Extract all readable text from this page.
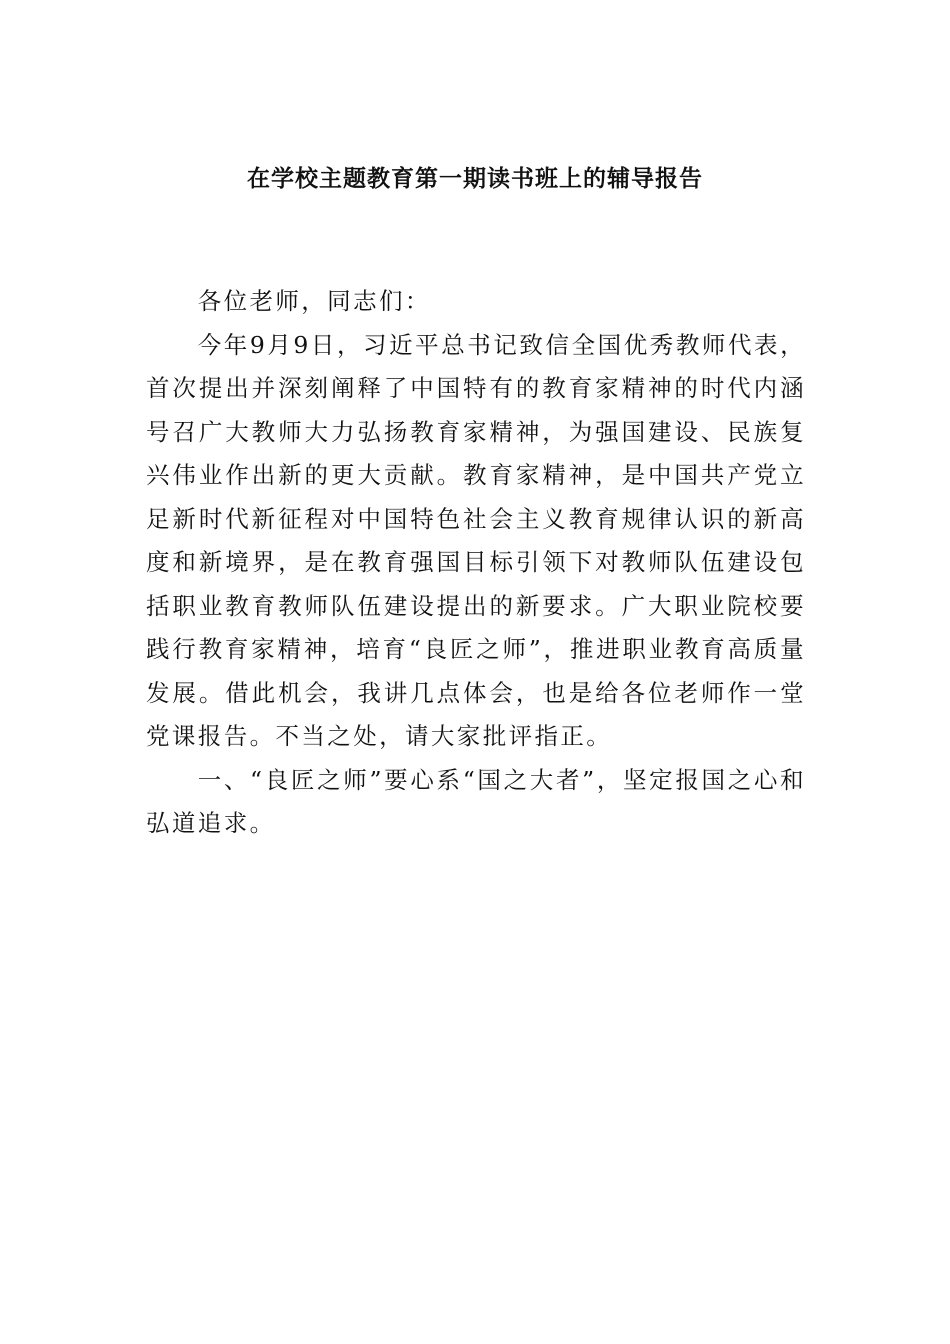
在学校主题教育第一期读书班上的辅导报告

各位老师，同志们：

今年9月9日，习近平总书记致信全国优秀教师代表，首次提出并深刻阐释了中国特有的教育家精神的时代内涵号召广大教师大力弘扬教育家精神，为强国建设、民族复兴伟业作出新的更大贡献。教育家精神，是中国共产党立足新时代新征程对中国特色社会主义教育规律认识的新高度和新境界，是在教育强国目标引领下对教师队伍建设包括职业教育教师队伍建设提出的新要求。广大职业院校要践行教育家精神，培育“良匠之师”，推进职业教育高质量发展。借此机会，我讲几点体会，也是给各位老师作一堂党课报告。不当之处，请大家批评指正。

一、“良匠之师”要心系“国之大者”，坚定报国之心和弘道追求。
